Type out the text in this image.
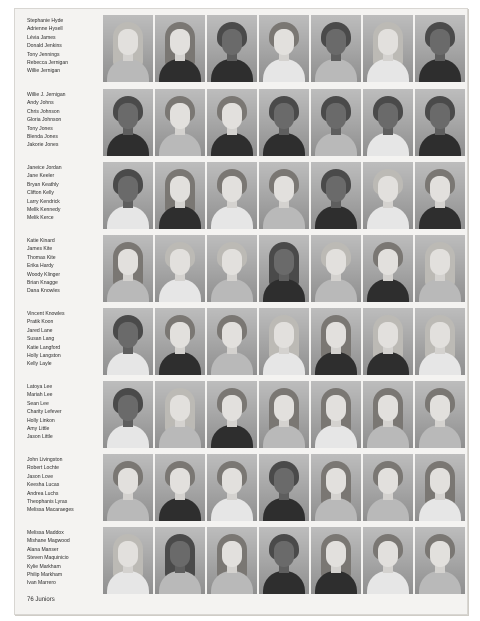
Stephanie Hyde
Adrienne Hysell
Lévia James
Donald Jenkins
Tony Jennings
Rebecca Jernigan
Willie Jernigan
Willie J. Jernigan
Andy Johns
Chris Johnson
Gloria Johnson
Tony Jones
Blenda Jones
Jakorie Jones
Janeice Jordan
Jane Keeler
Bryan Keathly
Clifton Kelly
Larry Kendrick
Mellk Kennedy
Melik Kerce
Katie Kinard
James Kite
Thomas Kite
Erika Hardy
Woody Klinger
Brian Knagge
Dana Knowles
Vincent Knowles
Pratik Koon
Jared Lane
Susan Lang
Katie Langford
Holly Langston
Kelly Layle
Latoya Lee
Mariah Lee
Sean Lee
Charity Lefever
Holly Linkon
Amy Little
Jason Little
John Livingston
Robert Lochte
Jason Love
Keesha Lucas
Andrea Luchs
Theophanis Lyras
Melissa Macaraeges
Melissa Maddox
Mishane Magwood
Alana Manser
Steven Maquinicio
Kylie Markham
Philip Markham
Ivan Marrero
76 Juniors
